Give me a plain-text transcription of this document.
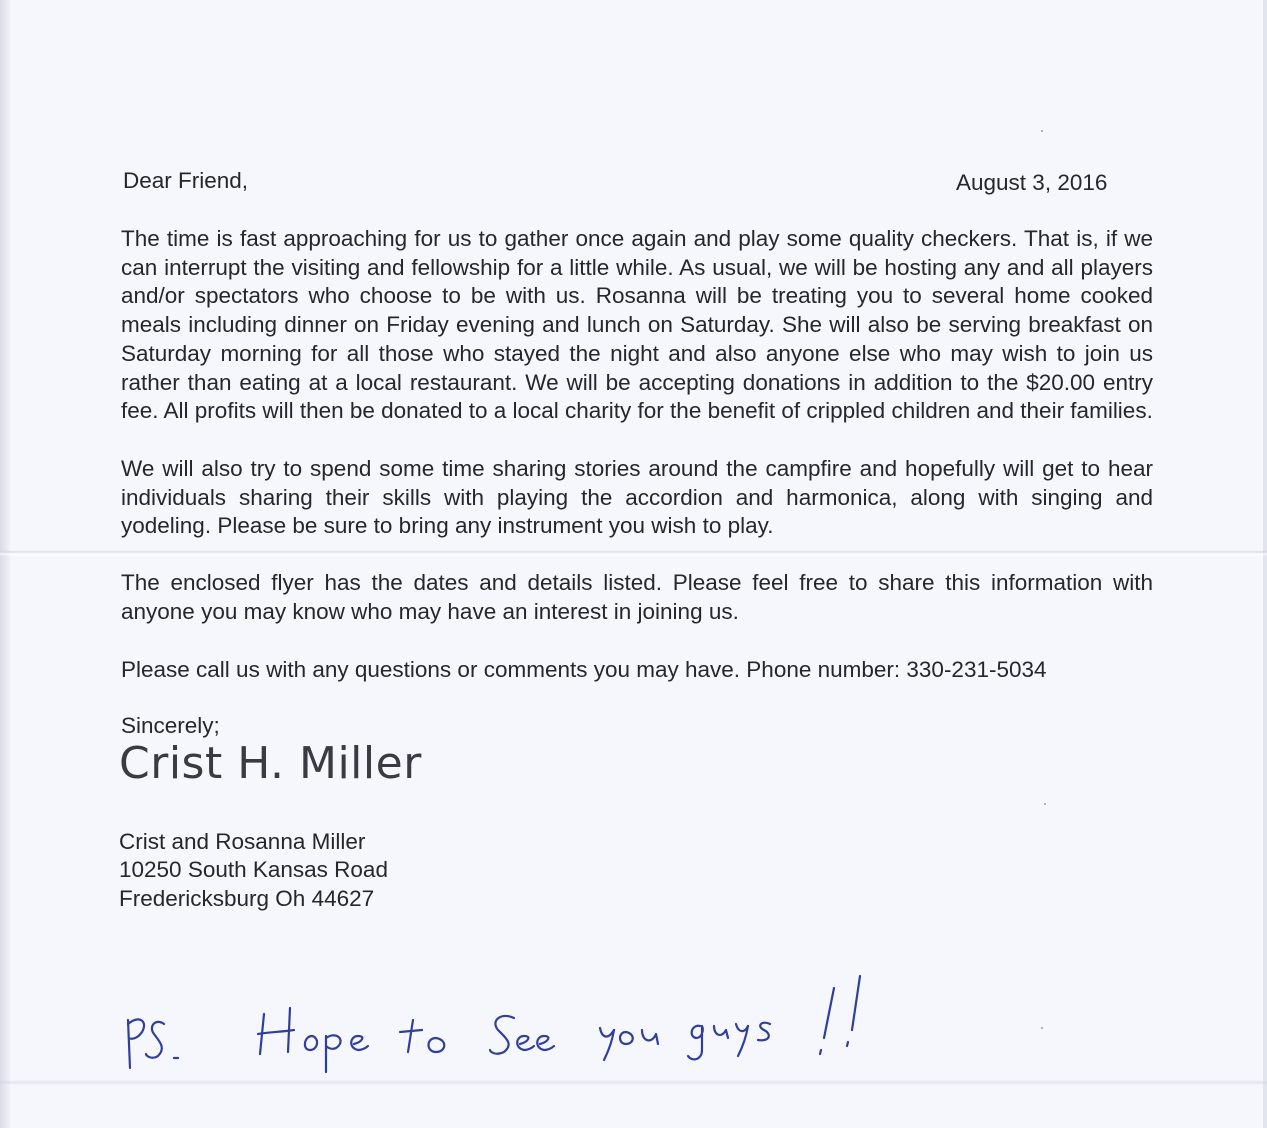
Dear Friend,	August 3, 2016

The time is fast approaching for us to gather once again and play some quality checkers. That is, if we can interrupt the visiting and fellowship for a little while. As usual, we will be hosting any and all players and/or spectators who choose to be with us. Rosanna will be treating you to several home cooked meals including dinner on Friday evening and lunch on Saturday. She will also be serving breakfast on Saturday morning for all those who stayed the night and also anyone else who may wish to join us rather than eating at a local restaurant. We will be accepting donations in addition to the $20.00 entry fee. All profits will then be donated to a local charity for the benefit of crippled children and their families.

We will also try to spend some time sharing stories around the campfire and hopefully will get to hear individuals sharing their skills with playing the accordion and harmonica, along with singing and yodeling. Please be sure to bring any instrument you wish to play.

The enclosed flyer has the dates and details listed. Please feel free to share this information with anyone you may know who may have an interest in joining us.

Please call us with any questions or comments you may have. Phone number: 330-231-5034

Sincerely;

Crist H. Miller

Crist and Rosanna Miller

10250 South Kansas Road

Fredericksburg Oh 44627
